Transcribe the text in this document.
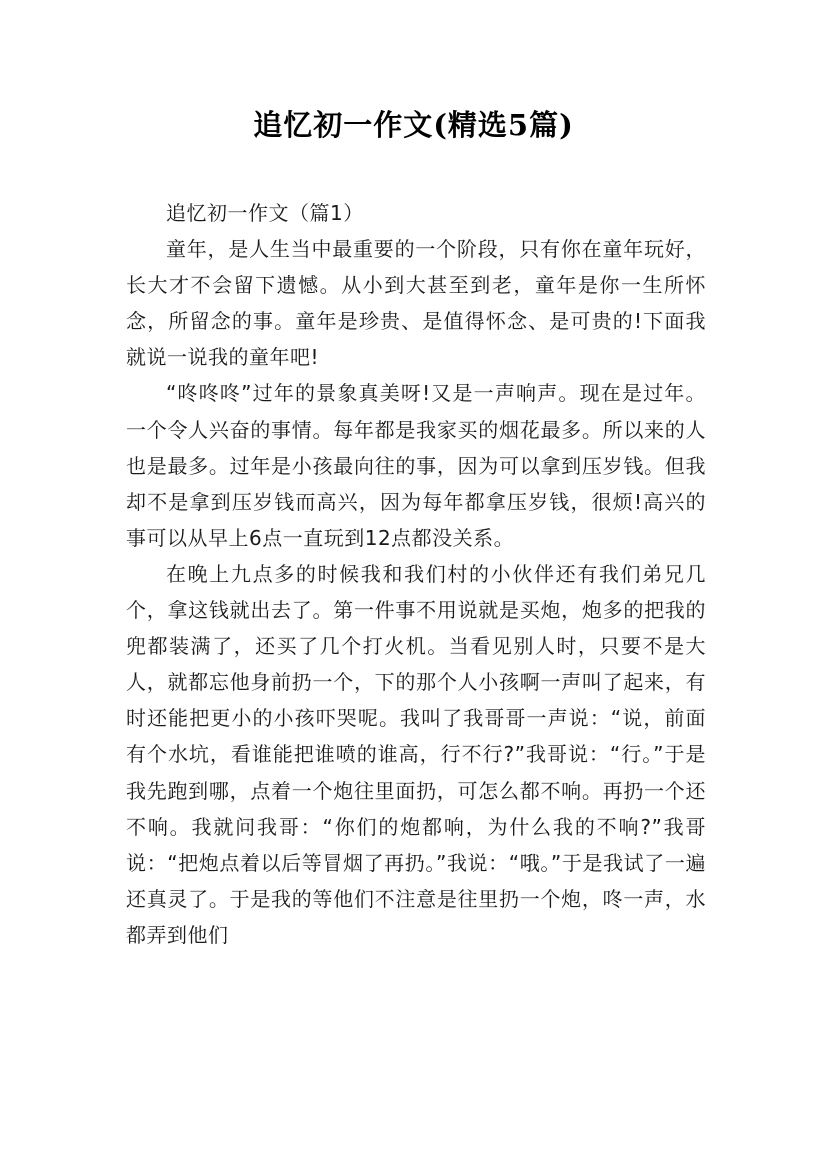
追忆初一作文(精选5篇)

追忆初一作文（篇1）

童年，是人生当中最重要的一个阶段，只有你在童年玩好，长大才不会留下遗憾。从小到大甚至到老，童年是你一生所怀念，所留念的事。童年是珍贵、是值得怀念、是可贵的!下面我就说一说我的童年吧!

“咚咚咚”过年的景象真美呀!又是一声响声。现在是过年。一个令人兴奋的事情。每年都是我家买的烟花最多。所以来的人也是最多。过年是小孩最向往的事，因为可以拿到压岁钱。但我却不是拿到压岁钱而高兴，因为每年都拿压岁钱，很烦!高兴的事可以从早上6点一直玩到12点都没关系。

在晚上九点多的时候我和我们村的小伙伴还有我们弟兄几个，拿这钱就出去了。第一件事不用说就是买炮，炮多的把我的兜都装满了，还买了几个打火机。当看见别人时，只要不是大人，就都忘他身前扔一个，下的那个人小孩啊一声叫了起来，有时还能把更小的小孩吓哭呢。我叫了我哥哥一声说：“说，前面有个水坑，看谁能把谁喷的谁高，行不行?”我哥说：“行。”于是我先跑到哪，点着一个炮往里面扔，可怎么都不响。再扔一个还不响。我就问我哥：“你们的炮都响，为什么我的不响?”我哥说：“把炮点着以后等冒烟了再扔。”我说：“哦。”于是我试了一遍还真灵了。于是我的等他们不注意是往里扔一个炮，咚一声，水都弄到他们
